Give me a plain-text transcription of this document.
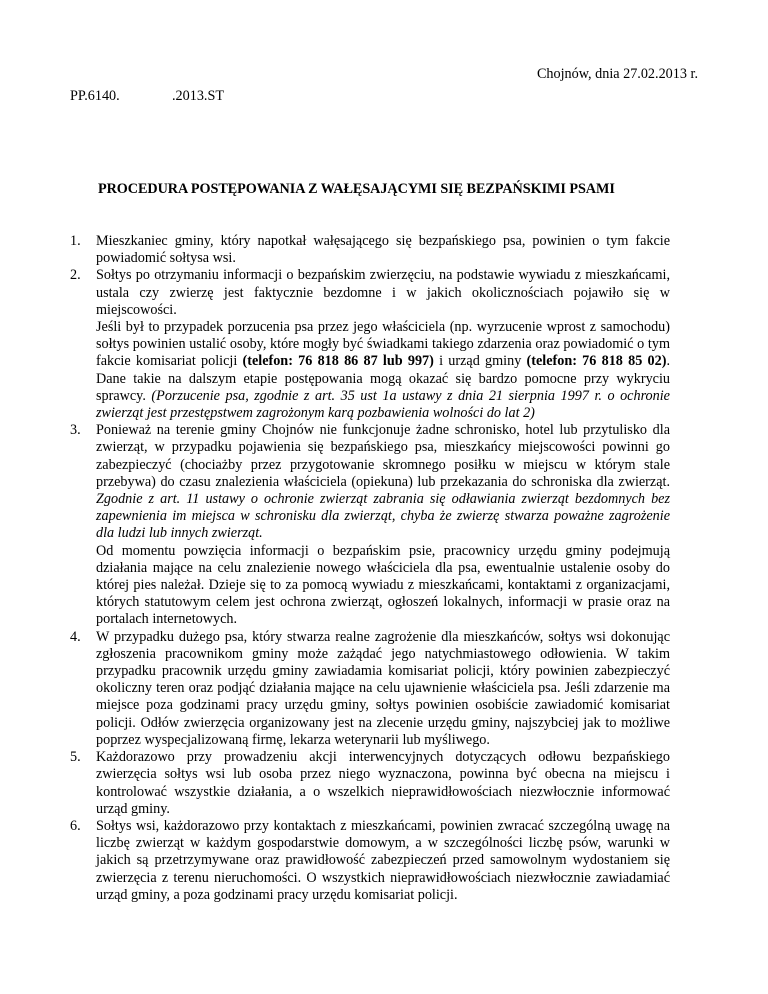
Chojnów, dnia 27.02.2013 r.
PP.6140.	.2013.ST
PROCEDURA POSTĘPOWANIA Z WAŁĘSAJĄCYMI SIĘ BEZPAŃSKIMI PSAMI
1. Mieszkaniec gminy, który napotkał wałęsającego się bezpańskiego psa, powinien o tym fakcie powiadomić sołtysa wsi.

2. Sołtys po otrzymaniu informacji o bezpańskim zwierzęciu, na podstawie wywiadu z mieszkańcami, ustala czy zwierzę jest faktycznie bezdomne i w jakich okolicznościach pojawiło się w miejscowości.

Jeśli był to przypadek porzucenia psa przez jego właściciela (np. wyrzucenie wprost z samochodu) sołtys powinien ustalić osoby, które mogły być świadkami takiego zdarzenia oraz powiadomić o tym fakcie komisariat policji (telefon: 76 818 86 87 lub 997) i urząd gminy (telefon: 76 818 85 02). Dane takie na dalszym etapie postępowania mogą okazać się bardzo pomocne przy wykryciu sprawcy. (Porzucenie psa, zgodnie z art. 35 ust 1a ustawy z dnia 21 sierpnia 1997 r. o ochronie zwierząt jest przestępstwem zagrożonym karą pozbawienia wolności do lat 2)

3. Ponieważ na terenie gminy Chojnów nie funkcjonuje żadne schronisko, hotel lub przytulisko dla zwierząt, w przypadku pojawienia się bezpańskiego psa, mieszkańcy miejscowości powinni go zabezpieczyć (chociażby przez przygotowanie skromnego posiłku w miejscu w którym stale przebywa) do czasu znalezienia właściciela (opiekuna) lub przekazania do schroniska dla zwierząt. Zgodnie z art. 11 ustawy o ochronie zwierząt zabrania się odławiania zwierząt bezdomnych bez zapewnienia im miejsca w schronisku dla zwierząt, chyba że zwierzę stwarza poważne zagrożenie dla ludzi lub innych zwierząt.

Od momentu powzięcia informacji o bezpańskim psie, pracownicy urzędu gminy podejmują działania mające na celu znalezienie nowego właściciela dla psa, ewentualnie ustalenie osoby do której pies należał. Dzieje się to za pomocą wywiadu z mieszkańcami, kontaktami z organizacjami, których statutowym celem jest ochrona zwierząt, ogłoszeń lokalnych, informacji w prasie oraz na portalach internetowych.

4. W przypadku dużego psa, który stwarza realne zagrożenie dla mieszkańców, sołtys wsi dokonując zgłoszenia pracownikom gminy może zażądać jego natychmiastowego odłowienia. W takim przypadku pracownik urzędu gminy zawiadamia komisariat policji, który powinien zabezpieczyć okoliczny teren oraz podjąć działania mające na celu ujawnienie właściciela psa. Jeśli zdarzenie ma miejsce poza godzinami pracy urzędu gminy, sołtys powinien osobiście zawiadomić komisariat policji. Odłów zwierzęcia organizowany jest na zlecenie urzędu gminy, najszybciej jak to możliwe poprzez wyspecjalizowaną firmę, lekarza weterynarii lub myśliwego.

5. Każdorazowo przy prowadzeniu akcji interwencyjnych dotyczących odłowu bezpańskiego zwierzęcia sołtys wsi lub osoba przez niego wyznaczona, powinna być obecna na miejscu i kontrolować wszystkie działania, a o wszelkich nieprawidłowościach niezwłocznie informować urząd gminy.

6. Sołtys wsi, każdorazowo przy kontaktach z mieszkańcami, powinien zwracać szczególną uwagę na liczbę zwierząt w każdym gospodarstwie domowym, a w szczególności liczbę psów, warunki w jakich są przetrzymywane oraz prawidłowość zabezpieczeń przed samowolnym wydostaniem się zwierzęcia z terenu nieruchomości. O wszystkich nieprawidłowościach niezwłocznie zawiadamiać urząd gminy, a poza godzinami pracy urzędu komisariat policji.
